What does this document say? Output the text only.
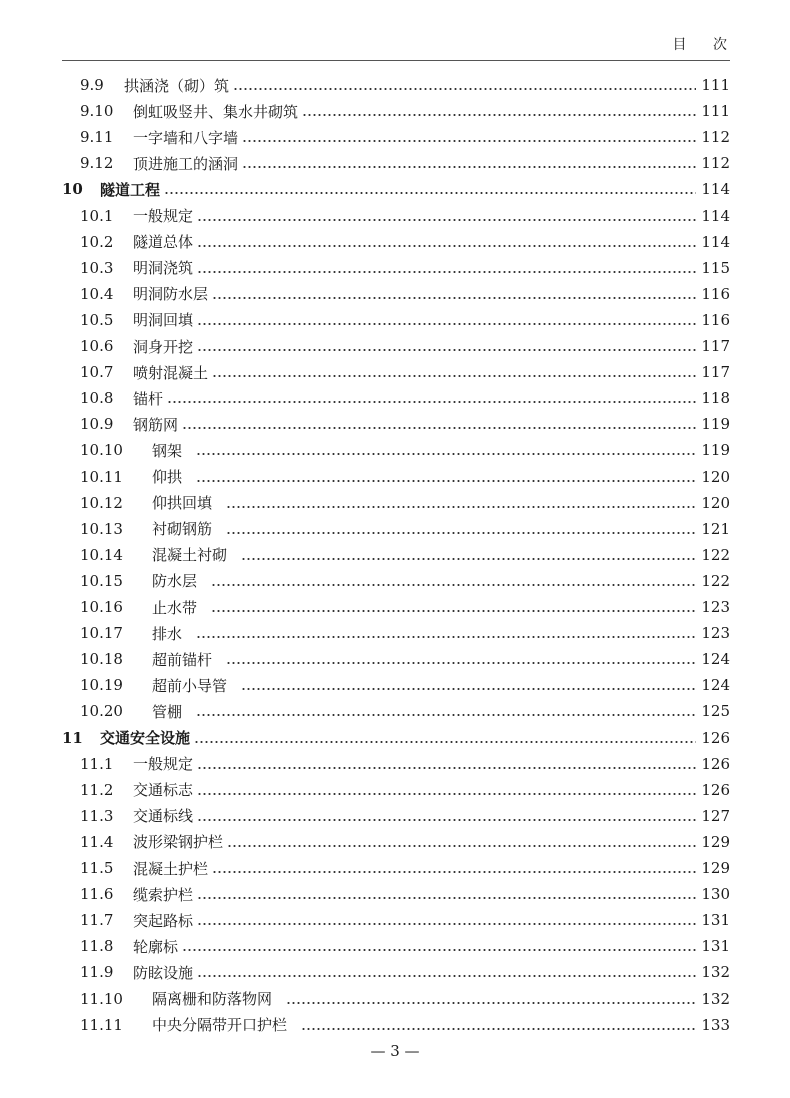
目 次
9.9	拱涵浇（砌）筑	111
9.10	倒虹吸竖井、集水井砌筑	111
9.11	一字墙和八字墙	112
9.12	顶进施工的涵洞	112
10	隧道工程	114
10.1	一般规定	114
10.2	隧道总体	114
10.3	明洞浇筑	115
10.4	明洞防水层	116
10.5	明洞回填	116
10.6	洞身开挖	117
10.7	喷射混凝土	117
10.8	锚杆	118
10.9	钢筋网	119
10.10	钢架	119
10.11	仰拱	120
10.12	仰拱回填	120
10.13	衬砌钢筋	121
10.14	混凝土衬砌	122
10.15	防水层	122
10.16	止水带	123
10.17	排水	123
10.18	超前锚杆	124
10.19	超前小导管	124
10.20	管棚	125
11	交通安全设施	126
11.1	一般规定	126
11.2	交通标志	126
11.3	交通标线	127
11.4	波形梁钢护栏	129
11.5	混凝土护栏	129
11.6	缆索护栏	130
11.7	突起路标	131
11.8	轮廓标	131
11.9	防眩设施	132
11.10	隔离栅和防落物网	132
11.11	中央分隔带开口护栏	133
— 3 —
